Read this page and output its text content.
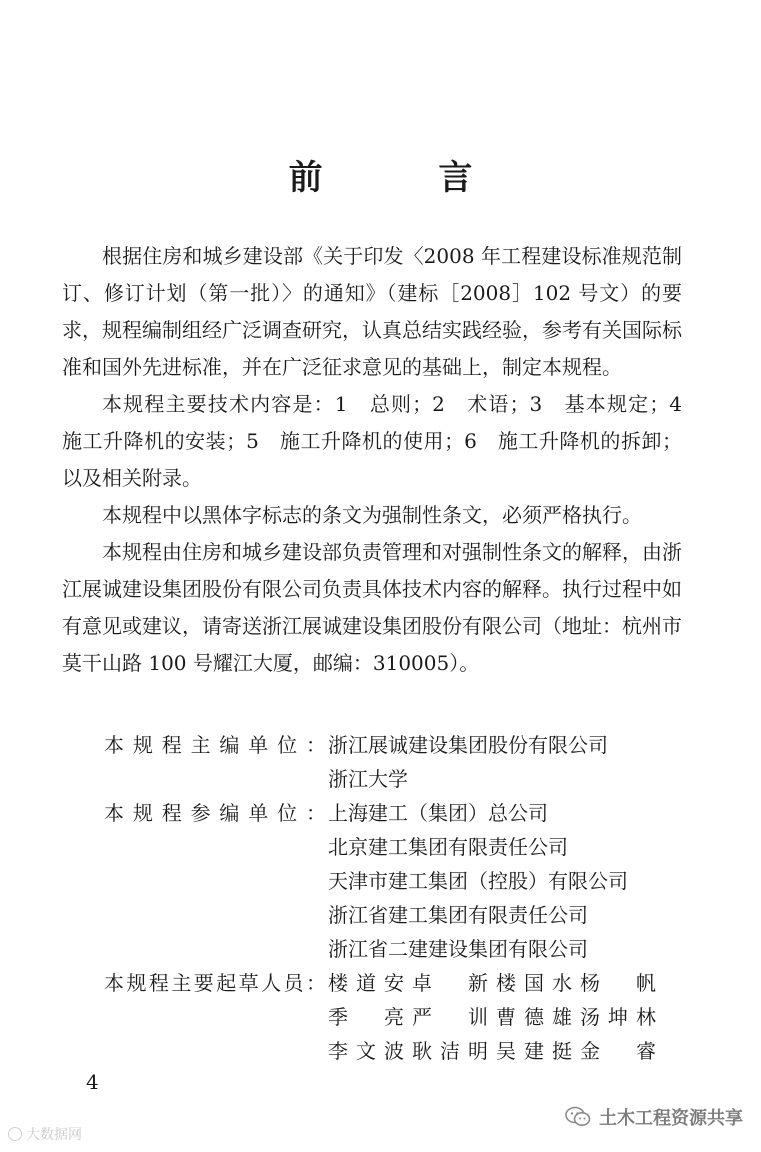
前 言

根据住房和城乡建设部《关于印发〈2008 年工程建设标准规范制订、修订计划（第一批）〉的通知》（建标［2008］102 号文）的要求，规程编制组经广泛调查研究，认真总结实践经验，参考有关国际标准和国外先进标准，并在广泛征求意见的基础上，制定本规程。

本规程主要技术内容是：1　总则；2　术语；3　基本规定；4　施工升降机的安装；5　施工升降机的使用；6　施工升降机的拆卸；以及相关附录。

本规程中以黑体字标志的条文为强制性条文，必须严格执行。

本规程由住房和城乡建设部负责管理和对强制性条文的解释，由浙江展诚建设集团股份有限公司负责具体技术内容的解释。执行过程中如有意见或建议，请寄送浙江展诚建设集团股份有限公司（地址：杭州市莫干山路 100 号耀江大厦，邮编：310005）。

本规程主编单位： 浙江展诚建设集团股份有限公司
浙江大学
本规程参编单位： 上海建工（集团）总公司
北京建工集团有限责任公司
天津市建工集团（控股）有限公司
浙江省建工集团有限责任公司
浙江省二建建设集团有限公司
本规程主要起草人员： 楼道安 卓　新 楼国水 杨　帆
季　亮 严　训 曹德雄 汤坤林
李文波 耿洁明 吴建挺 金　睿
4
大数据网
土木工程资源共享
